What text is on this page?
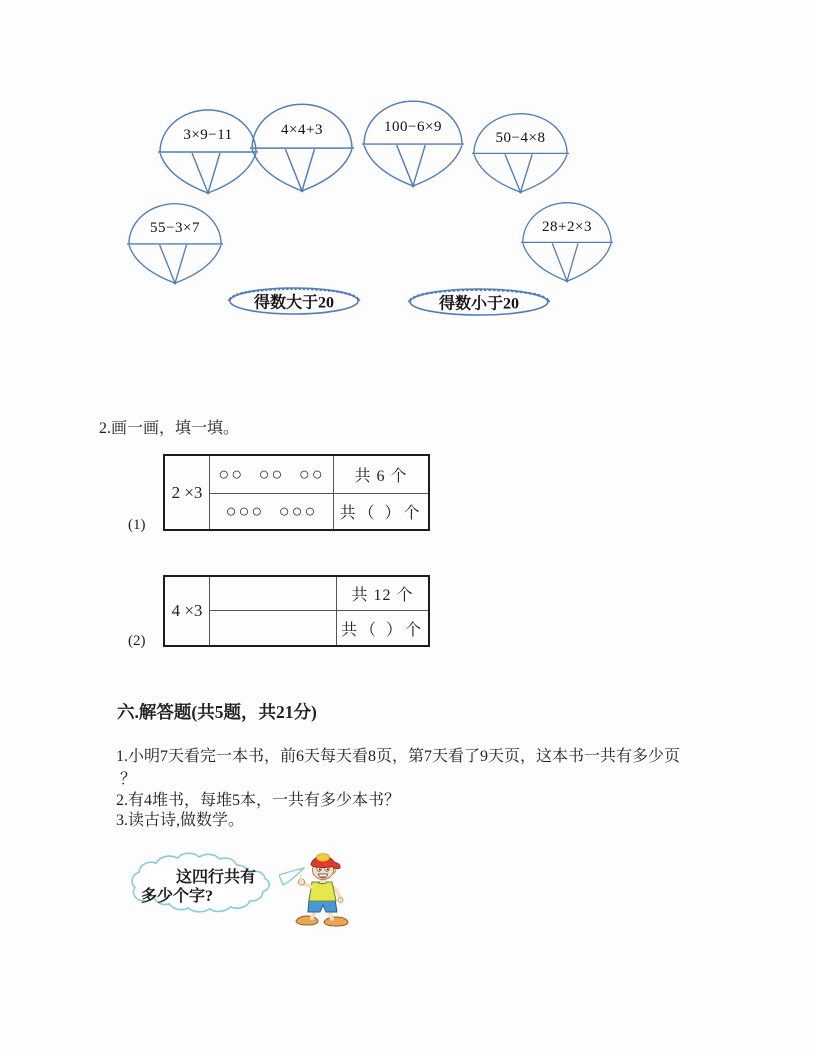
3×9−11	4×4+3	100−6×9
50−4×8
55−3×7	28+2×3
得数大于20	得数小于20
2.画一画，填一填。
2 ×3
○○ ○○ ○○	共 6 个
○○○ ○○○	共（ ）个
(1)
4 ×3
共 12 个
共（ ）个
(2)
六.解答题(共5题，共21分)
1.小明7天看完一本书，前6天每天看8页，第7天看了9天页，这本书一共有多少页
？
2.有4堆书，每堆5本，一共有多少本书？
3.读古诗,做数学。
这四行共有
多少个字?
